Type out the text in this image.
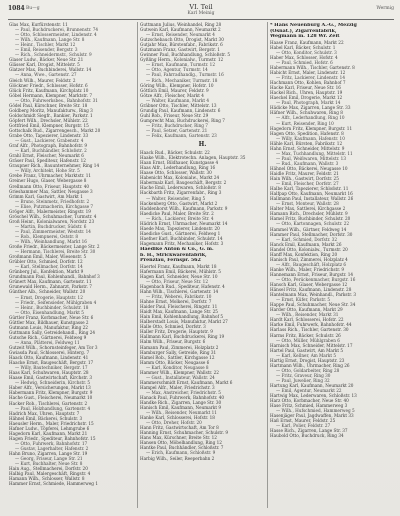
1084 Bu—g	VI. Teil
Karl Meinig
Wermig
Glas Max, Kurfürstenstr. 11
— Paul, Buchdruckerei, Brunnenstr. 74
— Otto, Schlossermeister, Lindenstr. 4
— Wilh., Kaufmann, Lange Str. 8
— Heinr., Tischler, Markt 12
— Emil, Reisender, Bergstr. 3
— Rich., Schneidermstr., Schulstr. 9
Glaser Ludw., Bäcker, Neue Str. 21
Glässer Karl, Drogist, Mittelstr. 5
Glatzer Max, Buchbinderei, Wallstr. 14
— Anna, Wwe., Gartenstr. 27
Gleich Wilh., Maurer, Feldstr. 2
Glöckner Friedr., Schlosser, Hofstr. 6
Glück Fritz, Kaufmann, Kirchplatz 10
Göbel Hermann, Klempner, Marktstr. 7
— Otto, Fuhrwerksbes., Bahnhofstr. 31
Gödel Paul, Kürschner, Breite Str. 18
Goldberg Moritz, Manufakturw., Ring 3
Goldschmidt Siegfr., Bankier, Parkstr. 1
Göpfert Wilh., Drechsler, Mühlstr. 22
Gottfried Emil, Klempner, Burgstr. 15
Gottschalk Rud., Zigarrengesch., Markt 20
Grabe Otto, Tapezierer, Lindenstr. 33
— Gust., Lackierer, Grabenstr. 4
Graf Alfr., Photograph, Bahnhofstr. 9
— Karl, Buchhändler, Schloßstr. 2
Grahl Ernst, Fleischer, Neumarkt 6
Gräser Paul, Spediteur, Hafenstr. 12
Graupner Rich., Bauunternehmer, Ring 14
— Willy, Architekt, Hohe Str. 5
Grebe Franz, Uhrmacher, Marktstr. 11
Greiner Hugo, Glaser, Webergasse 8
Grellmann Otto, Friseur, Hauptstr. 40
Grieshammer Max, Sattler, Neugasse 3
Grimm Karl, Gastwirt, Am Markt 1
— Bruno, Steinmetz, Friedhofstr. 2
— Elise, Putzmacherin, Kirchgasse 7
Gröger Alfr., Malermeister, Ringstr. 19
Gröschel Wilh., Schuhmacher, Turmstr. 4
Groß Heinr., Kolonialwaren, Nordstr. 23
— Martin, Buchdrucker, Südstr. 6
— Paul, Zimmermeister, Weststr. 14
— Rob., Klempnerei, Oststr. 8
— Wilh., Weinhandlung, Markt 16
Große Friedr., Bäckermeister, Lange Str. 2
— Hermann, Tischlerei, Breite Str. 30
Großmann Emil, Maler, Wiesenstr. 5
Grübler Otto, Schmied, Dorfstr. 12
— Karl, Stellmacher, Dorfstr. 14
Grünberg Jul., Konfektion, Markt 9
Grundmann Paul, Kohlenhandl., Bahnhof 3
Grünert Max, Kaufmann, Gartenstr. 11
Grunewald Herm., Zahnarzt, Parkstr. 7
Günther Alb., Schneider, Wallstr. 20
— Ernst, Drogerie, Hauptstr. 12
— Friedr., Seifensieder, Mühlgraben 4
— Heinr., Buchbinder, Schulstr. 18
— Otto, Eisenhandlung, Markt 5
Gürtler Franz, Korbmacher, Neue Str. 6
Güttler Max, Bildhauer, Kunstgasse 2
Gutmann Louis, Manufaktur, Ring 22
Guttmann Sally, Getreidehandl., Ring 24
Gutsche Rich., Gärtnerei, Feldweg 9
— Anna, Plätterei, Feldweg 11
Gutzeit Wilh., Schornsteinfeger, Am Tor 3
Gwiasda Paul, Schlosserei, Hinterg. 7
Haack Otto, Kaufmann, Lindenstr. 41
Haacke Ernst, Baugeschäft, Bergstr. 17
— Willy, Bautechniker, Bergstr. 17
Haas Karl, Schuhwaren, Hauptstr. 28
Haase Emil, Gastwirtschaft, Kirchstr. 3
— Hedwig, Schneiderin, Kirchstr. 5
Haber Alfr., Versicherungen, Markt 13
Habermann Fritz, Klempner, Burgstr. 9
Hache Gust., Fleischerei, Neumarkt 10
Hacker Rob., Tischlerei, Gartenstr. 2
— Paul, Holzhandlung, Gartenstr. 4
Hadrich Max, Uhren, Hauptstr. 7
Hähnel Emil, Bäckerei, Schulstr. 3
Haeusler Herm., Maler, Friedrichstr. 15
Hafner Ludw., Töpferei, Lehmgrube 6
Hagedorn Karl, Kaufmann, Markt 21
Hagen Friedr., Spediteur, Bahnhofstr. 15
— Otto, Fuhrwerk, Bahnhofstr. 17
— Gustav, Lagerhalter, Hafenstr. 2
Hahn Bruno, Zigarren, Lange Str. 19
— Georg, Friseur, Lange Str. 21
— Kurt, Buchhalter, Neue Str. 8
Hain Aug., Stellmacherei, Dorfstr. 20
Halbig Paul, Malergeschäft, Ringstr. 4
Hamann Wilh., Schlosser, Wallstr. 8
Hammer Ernst, Schmiede, Hammerweg 1
Guttmann Julius, Weinhandel, Ring 28
Gutwein Karl, Kaufmann, Neumarkt 2
— Ernst, Reisender, Neumarkt 4
Gutzschebauch Otto, Drogist, Markt 30
Gutjahr Max, Bürstenfabr., Fabrikstr. 6
Gutzmann Franz, Gastwirt, Bergstr. 1
Gwinner Paul, Buchhandlung, Schloßstr. 5
Gyßling Herm., Kolonialw., Turmstr. 12
— Ernst, Kaufmann, Turmstr. 12
— Otto, Agentur, Turmstr. 14
— Paul, Fahrradhandlg., Turmstr. 16
— Rich., Mechaniker, Turmstr. 18
Göring Wilh., Klempner, Hofstr. 10
Göttlich Emil, Maurer, Feldstr. 9
Götze Alfr., Fleischer, Markt 4
— Walter, Kaufmann, Markt 4
Gräbner Otto, Tischler, Mittelstr. 13
Grundig Paul, Kaufmann, Lindenstr. 6
Guhl Rob., Friseur, Neue Str. 29
Gumprecht Max, Buchdruckerei, Ring 7
— Fritz, Buchdrucker, Ring 7
— Paul, Setzer, Gartenstr. 21
— Felix, Kaufmann, Gartenstr. 23
H.
Haack Rud., Bäcker, Schulstr. 22
Haake Wilh., Elektrotechn. Anlagen, Hauptstr. 35
Haan Ernst, Bildhauer, Kunstgasse 4
Haas Alfr., Lederhandlung, Ring 16
Haase Otto, Schlosser, Wallstr. 30
Habenicht Max, Kolonialw., Markt 24
Habermalz Karl, Baugeschäft, Bergstr. 2
Hache Emil, Lederwaren, Schloßstr. 8
Hackbarth Fritz, Zigarrenfabr., Ring 3
— Walter, Reisender, Ring 5
Hackenberg Otto, Gastwirt, Markt 2
Haddenhorst Wilh., Kaufmann, Parkstr. 9
Haedicke Paul, Maler, Breite Str. 2
— Rich., Lackierer, Breite Str. 4
Hädrich Ernst, Uhrmacher, Neumarkt 14
Haede Max, Tapezierer, Lindenstr. 20
Haedicke Gust., Gärtnerei, Feldweg 1
Haefner Karl, Buchbinder, Schulstr. 14
Hagemann Fritz, Mechaniker, Hofstr. 3
Haedike Anton & Co., G. m.
b. H., Strickwarenfabrik,
Prenzlau, Fernspr. 562
Haertel Franz, Kaufmann, Markt 18
Hafermann Emil, Bäckerei, Mühlstr. 5
Hagen Karl, Schneider, Neue Str. 10
— Otto, Friseur, Neue Str. 12
Hagenbach Rud., Spediteur, Hafenstr. 4
Hahn Wilh., Tischlerei, Gartenstr. 14
— Fritz, Weberei, Fabrikstr. 10
Hahne Ernst, Molkerei, Dorfstr. 7
Haider Paul, Fleischerei, Ringstr. 11
Haidt Max, Kaufmann, Lange Str. 25
Hain Emil, Kohlenhandlung, Bahnhof 5
Halberstadt Louis, Manufaktur, Markt 27
Halle Otto, Schmied, Dorfstr. 3
Haller Fritz, Drogerie, Hauptstr. 9
Hallmann Karl, Buchdruckerei, Ring 19
Halm Wilh., Friseur, Burgstr. 6
Hamann Paul, Zimmerei, Holzplatz 2
Hamburger Sally, Getreide, Ring 31
Hamel Rob., Sattler, Kirchgasse 12
Hamm Otto, Bäcker, Neugasse 6
— Karl, Konditor, Neugasse 8
Hammer Wilh., Klempner, Wallstr. 22
— Gust., Installateur, Wallstr. 24
Hammerschmidt Ernst, Kaufmann, Markt 6
Hampel Alfr., Maler, Friedrichstr. 3
— Max, Anstreicher, Friedrichstr. 5
Hanack Paul, Fuhrwerk, Bahnhofstr. 40
Handke Rich., Zigarren, Lange Str. 30
Hanisch Emil, Kaufmann, Neumarkt 9
— Wilh., Reisender, Neumarkt 11
Hanke Karl, Schlosserei, Hofstr. 18
— Otto, Dreher, Hofstr. 20
Hann Fritz, Gastwirtschaft, Am Tor 8
Hanning Ernst, Schuhmacher, Schulstr. 9
Hans Max, Kürschner, Breite Str. 12
Hansen Otto, Möbelhandlung, Ring 12
Hantke Paul, Buchhändler, Schloßstr. 7
— Erich, Kaufmann, Schloßstr. 9
Harbig Wilh., Seiler, Reeperbahn 2
* Hans Neuenburg A.-G., Mezzig
(Osnat.), Zigarrenfabrik,
Wegmann m. 128 Wr. Zeit
Haase Franz, Kaufmann, Markt 22
Habel Karl, Bäcker, Schulstr. 1
— Otto, Konditor, Schulstr. 3
Haber Max, Schlosser, Hofstr. 4
— Paul, Schmied, Hofstr. 6
Habermann Wilh., Tischler, Gartenstr. 8
Habicht Ernst, Maler, Lindenstr. 12
— Fritz, Lackierer, Lindenstr. 14
Hachmann Otto, Kohlen, Bahnhof 7
Hacke Karl, Friseur, Neue Str. 16
Hackel Rich., Uhren, Hauptstr. 19
Haeckel Emil, Drogerie, Markt 12
— Paul, Photograph, Markt 14
Hädicke Max, Zigarren, Lange Str. 33
Häfner Wilh., Schuhwaren, Ring 8
— Alfr., Lederhandlung, Ring 10
— Kurt, Reisender, Ring 10
Hagedorn Fritz, Klempner, Burgstr. 11
Hagen Otto, Spedition, Hafenstr. 8
— Willy, Kaufmann, Hafenstr. 10
Hähle Karl, Bürsten, Fabrikstr. 12
Hahn Ernst, Schneider, Mittelstr. 9
— Max, Tuchhandlung, Mittelstr. 11
— Paul, Weißwaren, Mittelstr. 13
— Rud., Kaufmann, Wallstr. 3
Hähnel Otto, Bäckerei, Neugasse 10
Haidle Fritz, Maurer, Feldstr. 21
Hain Wilh., Gastwirt, Dorfstr. 25
— Emil, Fleischer, Dorfstr. 27
Halbe Karl, Tapezierer, Schloßstr. 11
Halfpap Otto, Kaufmann, Neumarkt 16
Hallmann Paul, Installateur, Wallstr. 26
— Ernst, Monteur, Wallstr. 28
Halter Max, Sattlerei, Kirchgasse 2
Hamann Rich., Drechsler, Mühlstr. 9
Hamel Fritz, Buchbinder, Schulstr. 20
— Otto, Kartonnagen, Schulstr. 22
Hammel Wilh., Gärtner, Feldweg 14
Hammer Paul, Stellmacher, Dorfstr. 30
— Karl, Schmied, Dorfstr. 32
Hanck Emil, Kaufmann, Markt 26
Handel Otto, Kolonialw., Turmstr. 20
Hanff Max, Konfektion, Ring 20
Hanisch Paul, Zimmerei, Holzplatz 4
— Alfr., Baugeschäft, Holzplatz 6
Hanke Wilh., Maler, Friedrichstr. 9
Hannemann Ernst, Friseur, Burgstr. 14
— Otto, Perückenmacher, Burgstr. 16
Hansch Karl, Glaser, Webergasse 12
Hänsel Fritz, Kaufmann, Lindenstr. 28
Hantelmann Max, Weinhandl., Parkstr. 3
— Ernst, Küfer, Parkstr. 5
Happe Paul, Schuhmacher, Neue Str. 34
Harder Otto, Kaufmann, Markt 29
— Wilh., Reisender, Markt 31
Hardt Karl, Schlosserei, Hofstr. 22
Harke Emil, Fuhrwerk, Bahnhofstr. 44
Harlass Rich., Tischler, Gartenstr. 30
Harms Fritz, Bäcker, Schulstr. 26
— Otto, Müller, Mühlgraben 6
Harnisch Max, Schneider, Mittelstr. 17
Hartel Paul, Gastwirt, Am Markt 5
— Karl, Kellner, Am Markt 5
Hartig Ernst, Drogist, Hauptstr. 23
Hartmann Wilh., Uhrmacher, Ring 26
— Otto, Goldarbeiter, Ring 28
— Fritz, Graveur, Ring 30
— Paul, Juwelier, Ring 32
Hartung Karl, Kaufmann, Neumarkt 20
— Emil, Agentur, Neumarkt 22
Hartwig Max, Lederwaren, Schloßstr. 13
Harz Otto, Korbmacher, Neue Str. 40
Hase Fritz, Schmied, Hammerweg 3
— Wilh., Hufschmied, Hammerweg 5
Hasenjäger Paul, Jagdwaffen, Markt 33
Haß Ernst, Maurer, Feldstr. 25
— Karl, Polier, Feldstr. 27
Hasse Rich., Zigarren, Lange Str. 37
Haubold Otto, Buchdruck, Ring 34
